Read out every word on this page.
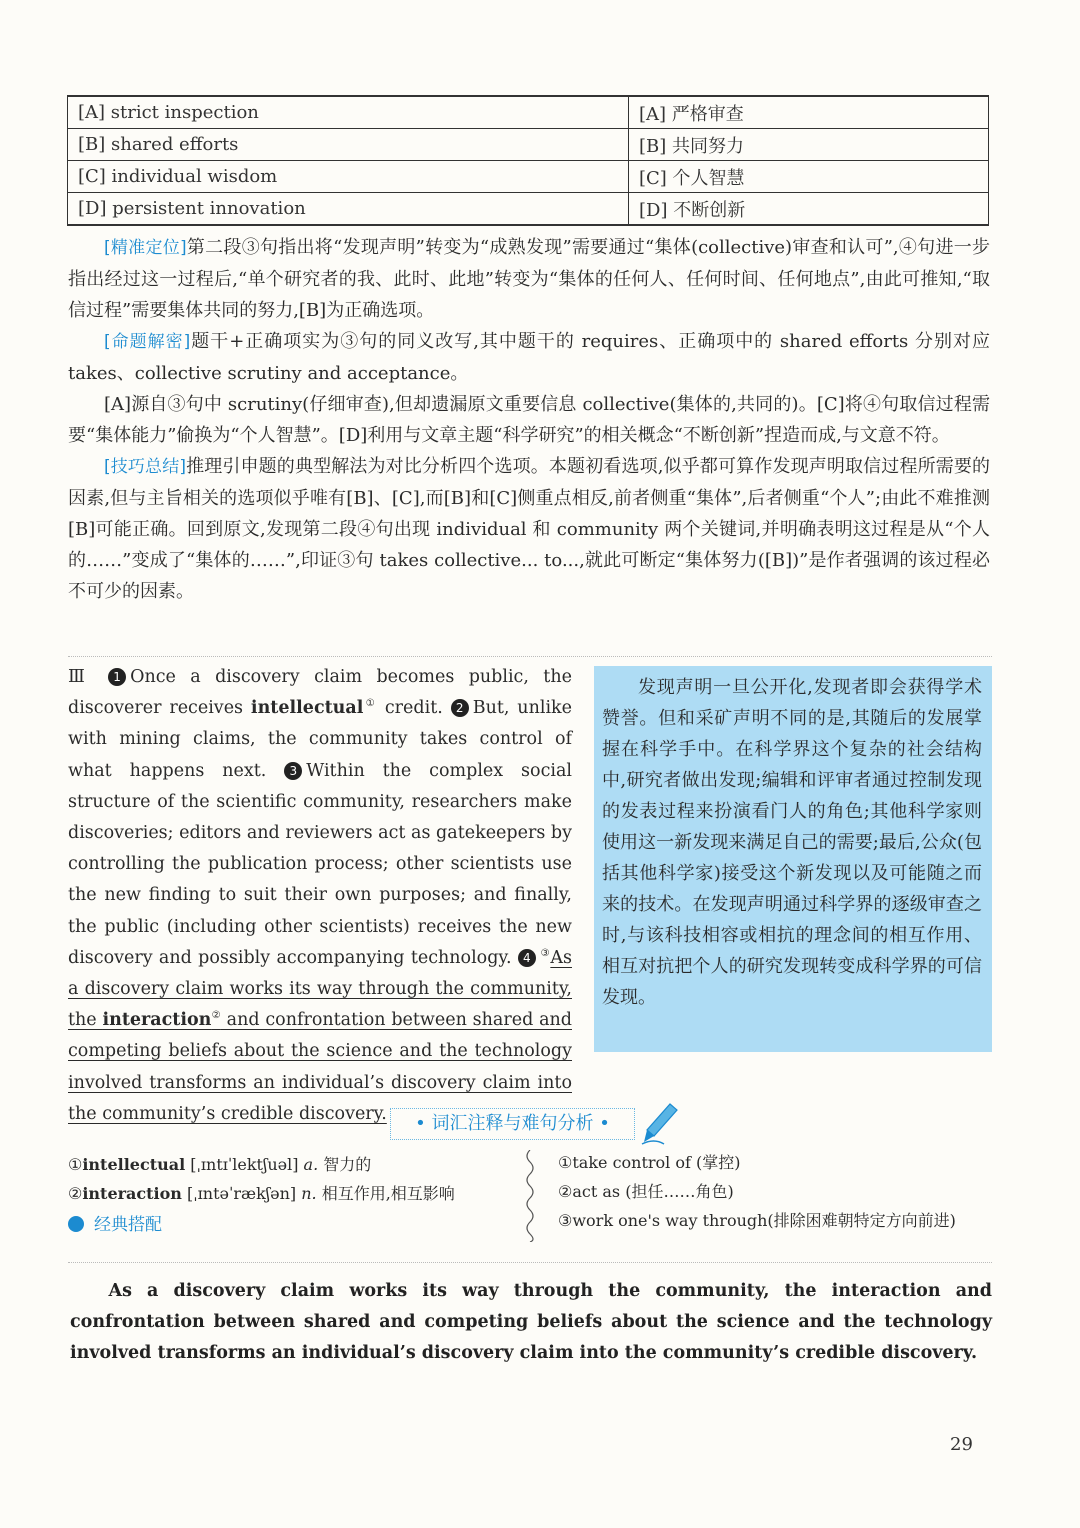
[A] strict inspection	[A] 严格审查
[B] shared efforts	[B] 共同努力
[C] individual wisdom	[C] 个人智慧
[D] persistent innovation	[D] 不断创新

[精准定位]第二段③句指出将“发现声明”转变为“成熟发现”需要通过“集体(collective)审查和认可”,④句进一步指出经过这一过程后,“单个研究者的我、此时、此地”转变为“集体的任何人、任何时间、任何地点”,由此可推知,“取信过程”需要集体共同的努力,[B]为正确选项。

[命题解密]题干+正确项实为③句的同义改写,其中题干的 requires、正确项中的 shared efforts 分别对应 takes、collective scrutiny and acceptance。

[A]源自③句中 scrutiny(仔细审查),但却遗漏原文重要信息 collective(集体的,共同的)。[C]将④句取信过程需要“集体能力”偷换为“个人智慧”。[D]利用与文章主题“科学研究”的相关概念“不断创新”捏造而成,与文意不符。

[技巧总结]推理引申题的典型解法为对比分析四个选项。本题初看选项,似乎都可算作发现声明取信过程所需要的因素,但与主旨相关的选项似乎唯有[B]、[C],而[B]和[C]侧重点相反,前者侧重“集体”,后者侧重“个人”;由此不难推测[B]可能正确。回到原文,发现第二段④句出现 individual 和 community 两个关键词,并明确表明这过程是从“个人的……”变成了“集体的……”,印证③句 takes collective... to...,就此可断定“集体努力([B])”是作者强调的该过程必不可少的因素。

Ⅲ 1 Once a discovery claim becomes public, the discoverer receives intellectual① credit. 2 But, unlike with mining claims, the community takes control of what happens next. 3 Within the complex social structure of the scientific community, researchers make discoveries; editors and reviewers act as gatekeepers by controlling the publication process; other scientists use the new finding to suit their own purposes; and finally, the public (including other scientists) receives the new discovery and possibly accompanying technology. 4 ③As a discovery claim works its way through the community, the interaction② and confrontation between shared and competing beliefs about the science and the technology involved transforms an individual’s discovery claim into the community’s credible discovery.

发现声明一旦公开化,发现者即会获得学术赞誉。但和采矿声明不同的是,其随后的发展掌握在科学手中。在科学界这个复杂的社会结构中,研究者做出发现;编辑和评审者通过控制发现的发表过程来扮演看门人的角色;其他科学家则使用这一新发现来满足自己的需要;最后,公众(包括其他科学家)接受这个新发现以及可能随之而来的技术。在发现声明通过科学界的逐级审查之时,与该科技相容或相抗的理念间的相互作用、相互对抗把个人的研究发现转变成科学界的可信发现。

• 词汇注释与难句分析 •
①intellectual [ˌɪntɪˈlektʃuəl] a. 智力的
②interaction [ˌɪntəˈrækʃən] n. 相互作用,相互影响
经典搭配
①take control of (掌控)
②act as (担任……角色)
③work one's way through(排除困难朝特定方向前进)
As a discovery claim works its way through the community, the interaction and confrontation between shared and competing beliefs about the science and the technology involved transforms an individual’s discovery claim into the community’s credible discovery.
29
